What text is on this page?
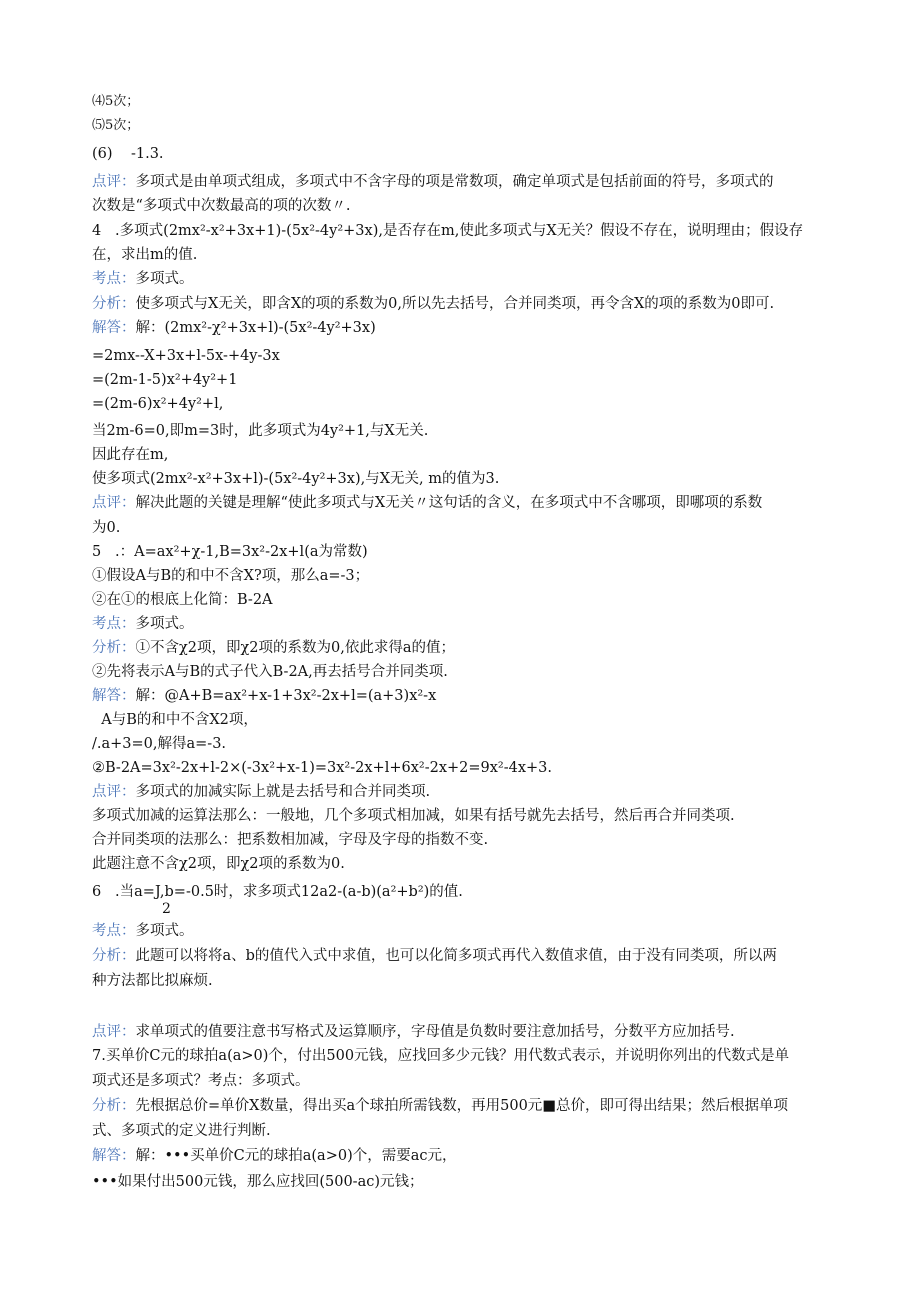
⑷5次；
⑸5次；
(6)    -1.3.
点评：多项式是由单项式组成，多项式中不含字母的项是常数项，确定单项式是包括前面的符号，多项式的
次数是“多项式中次数最高的项的次数〃.
4   .多项式(2mx²-x²+3x+1)-(5x²-4y²+3x),是否存在m,使此多项式与X无关？假设不存在，说明理由；假设存
在，求出m的值.
考点：多项式。
分析：使多项式与X无关，即含X的项的系数为0,所以先去括号，合并同类项，再令含X的项的系数为0即可.
解答：解：(2mx²-χ²+3x+l)-(5x²-4y²+3x)
=2mx--X+3x+l-5x-+4y-3x
=(2m-1-5)x²+4y²+1
=(2m-6)x²+4y²+l,
当2m-6=0,即m=3时，此多项式为4y²+1,与X无关.
因此存在m,
使多项式(2mx²-x²+3x+l)-(5x²-4y²+3x),与X无关, m的值为3.
点评：解决此题的关键是理解“使此多项式与X无关〃这句话的含义，在多项式中不含哪项，即哪项的系数
为0.
5   .：A=ax²+χ-1,B=3x²-2x+l(a为常数)
①假设A与B的和中不含X?项，那么a=-3；
②在①的根底上化简：B-2A
考点：多项式。
分析：①不含χ2项，即χ2项的系数为0,依此求得a的值；
②先将表示A与B的式子代入B-2A,再去括号合并同类项.
解答：解：@A+B=ax²+x-1+3x²-2x+l=(a+3)x²-x
A与B的和中不含X2项，
/.a+3=0,解得a=-3.
②B-2A=3x²-2x+l-2×(-3x²+x-1)=3x²-2x+l+6x²-2x+2=9x²-4x+3.
点评：多项式的加减实际上就是去括号和合并同类项.
多项式加减的运算法那么：一般地，几个多项式相加减，如果有括号就先去括号，然后再合并同类项.
合并同类项的法那么：把系数相加减，字母及字母的指数不变.
此题注意不含χ2项，即χ2项的系数为0.
6   .当a=J,b=-0.5时，求多项式12a2-(a-b)(a²+b²)的值.
2
考点：多项式。
分析：此题可以将将a、b的值代入式中求值，也可以化简多项式再代入数值求值，由于没有同类项，所以两
种方法都比拟麻烦.
点评：求单项式的值要注意书写格式及运算顺序，字母值是负数时要注意加括号，分数平方应加括号.
7.买单价C元的球拍a(a>0)个，付出500元钱，应找回多少元钱？用代数式表示，并说明你列出的代数式是单
项式还是多项式？考点：多项式。
分析：先根据总价=单价X数量，得出买a个球拍所需钱数，再用500元■总价，即可得出结果；然后根据单项
式、多项式的定义进行判断.
解答：解：•••买单价C元的球拍a(a>0)个，需要ac元，
•••如果付出500元钱，那么应找回(500-ac)元钱；
